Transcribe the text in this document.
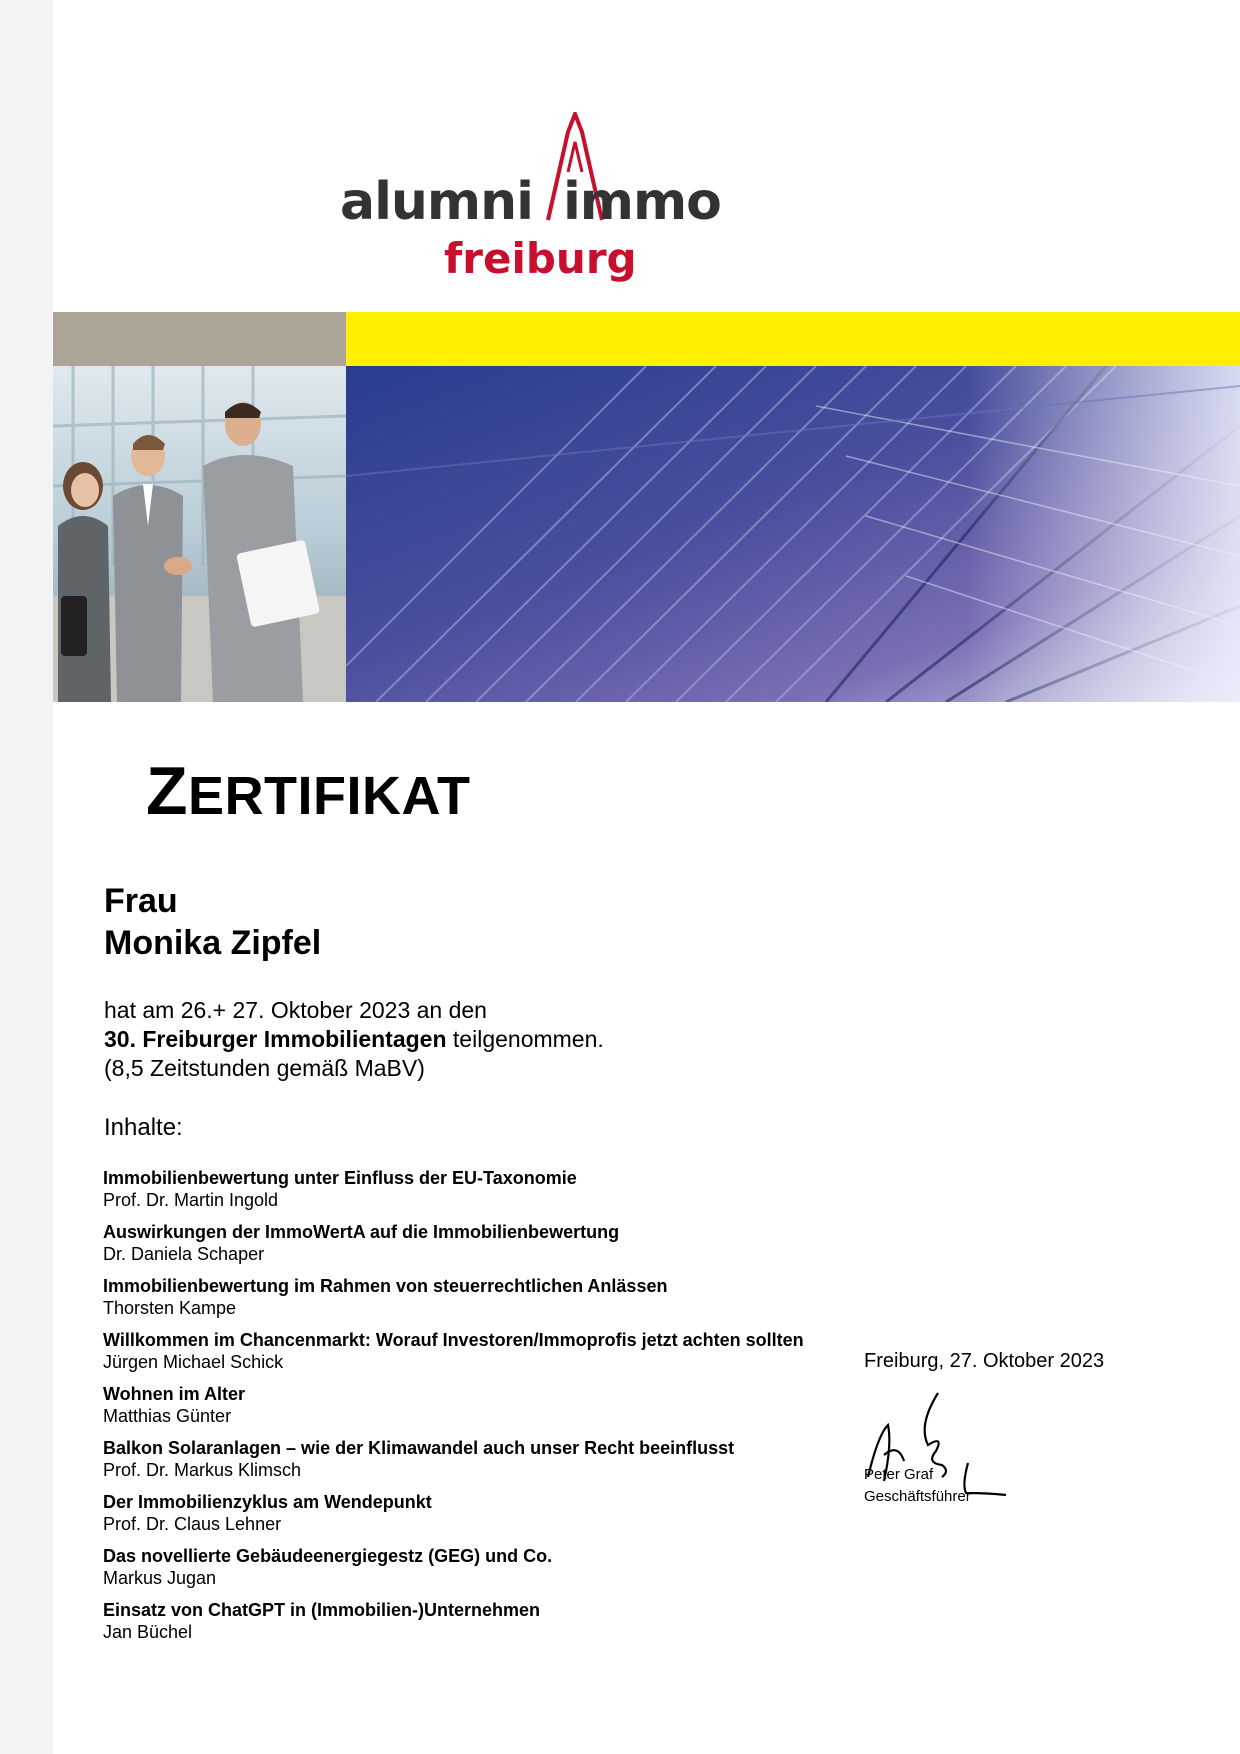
alumni immo
freiburg
ZERTIFIKAT
Frau
Monika Zipfel
hat am 26.+ 27. Oktober 2023 an den
30. Freiburger Immobilientagen teilgenommen.
(8,5 Zeitstunden gemäß MaBV)
Inhalte:
Immobilienbewertung unter Einfluss der EU-Taxonomie
Prof. Dr. Martin Ingold
Auswirkungen der ImmoWertA auf die Immobilienbewertung
Dr. Daniela Schaper
Immobilienbewertung im Rahmen von steuerrechtlichen Anlässen
Thorsten Kampe
Willkommen im Chancenmarkt: Worauf Investoren/Immoprofis jetzt achten sollten
Jürgen Michael Schick
Wohnen im Alter
Matthias Günter
Balkon Solaranlagen – wie der Klimawandel auch unser Recht beeinflusst
Prof. Dr. Markus Klimsch
Der Immobilienzyklus am Wendepunkt
Prof. Dr. Claus Lehner
Das novellierte Gebäudeenergiegestz (GEG) und Co.
Markus Jugan
Einsatz von ChatGPT in (Immobilien-)Unternehmen
Jan Büchel
Freiburg, 27. Oktober 2023
Peter Graf
Geschäftsführer
